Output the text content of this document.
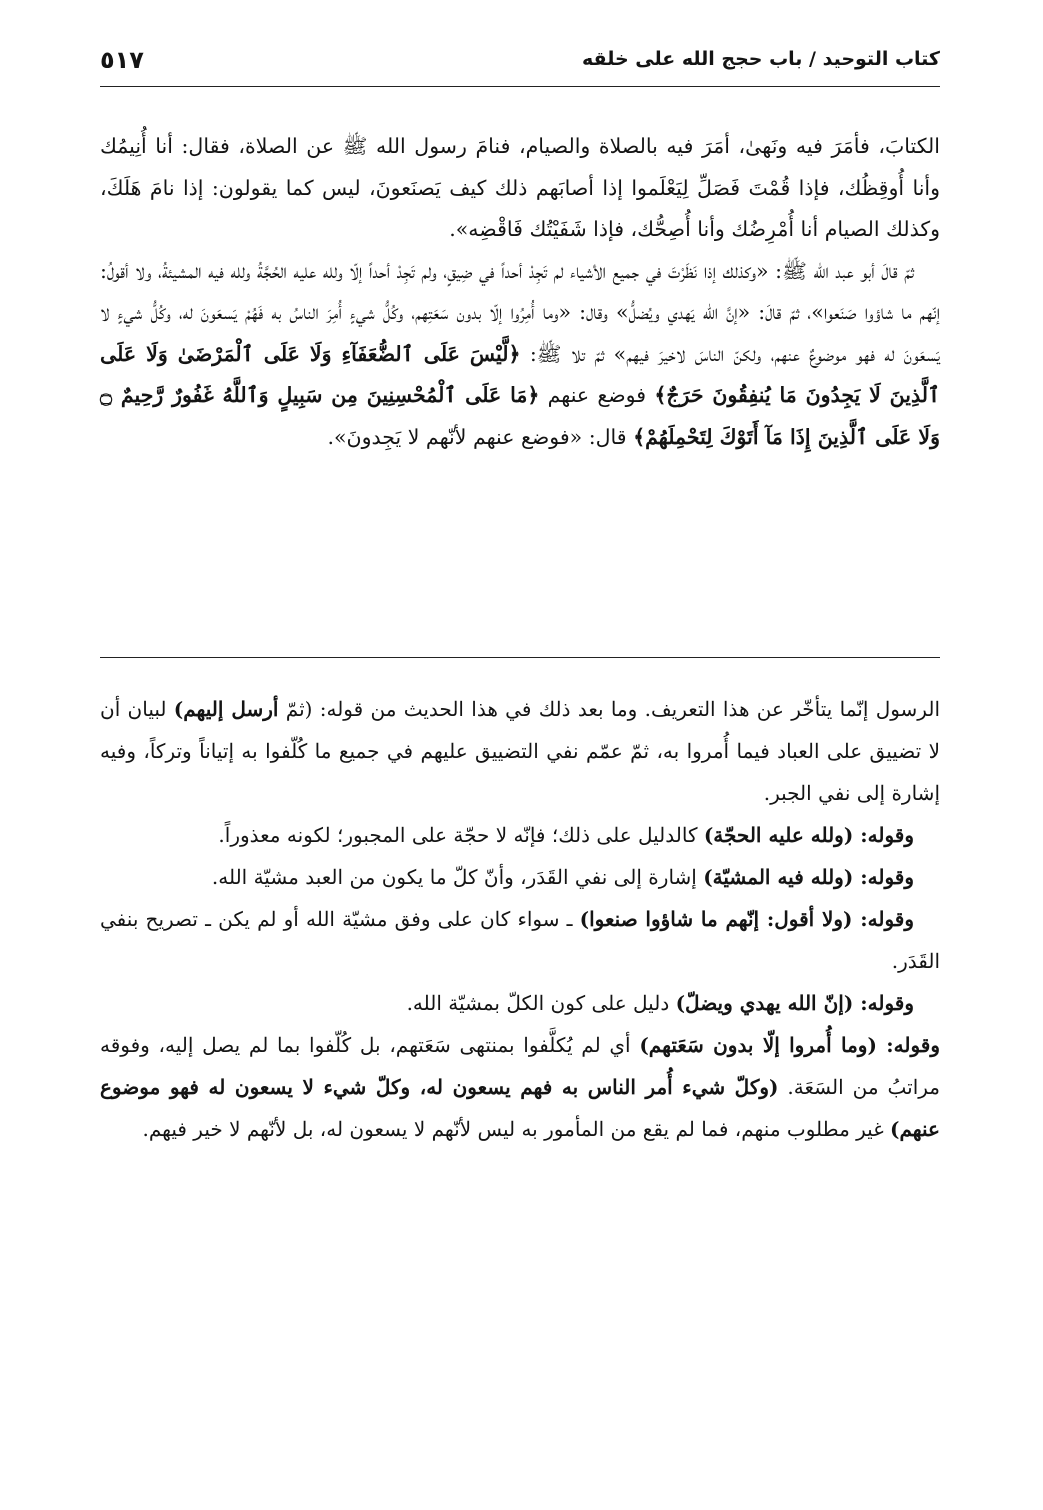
كتاب التوحيد / باب حجج الله على خلقه
٥١٧

الكتابَ، فأمَرَ فيه ونَهىٰ، أمَرَ فيه بالصلاة والصيام، فنامَ رسول الله ﷺ عن الصلاة، فقال: أنا أُنِيمُك وأنا أُوقِظُك، فإذا قُمْتَ فَصَلِّ لِيَعْلَموا إذا أصابَهم ذلك كيف يَصنَعونَ، ليس كما يقولون: إذا نامَ هَلَكَ، وكذلك الصيام أنا أُمْرِضُك وأنا أُصِحُّك، فإذا شَفَيْتُك فَاقْضِه».

ثمّ قالَ أبو عبد الله ﷺ: «وكذلك إذا نَظَرْتَ في جميع الأشياء لم تَجِدْ أحداً في ضِيقٍ، ولم تَجِدْ أحداً إلّا ولله عليه الحُجَّةُ ولله فيه المشيئةُ، ولا أقولُ: إنّهم ما شاؤوا صَنَعوا»، ثمّ قالَ: «إنَّ الله يَهدي ويُضلُّ» وقال: «وما أُمِرُوا إلّا بدون سَعَتِهم، وكُلُّ شيءٍ أُمِرَ الناسُ به فَهُمْ يَسعَونَ له، وكُلُّ شيءٍ لا يَسعَونَ له فهو موضوعٌ عنهم، ولكنّ الناسَ لاخيرَ فيهم» ثمّ تلا ﷺ: ﴿لَّيْسَ عَلَى ٱلضُّعَفَآءِ وَلَا عَلَى ٱلْمَرْضَىٰ وَلَا عَلَى ٱلَّذِينَ لَا يَجِدُونَ مَا يُنفِقُونَ حَرَجٌ﴾ فوضع عنهم ﴿مَا عَلَى ٱلْمُحْسِنِينَ مِن سَبِيلٍ وَٱللَّهُ غَفُورٌ رَّحِيمٌ ۝ وَلَا عَلَى ٱلَّذِينَ إِذَا مَآ أَتَوْكَ لِتَحْمِلَهُمْ﴾ قال: «فوضع عنهم لأنّهم لا يَجِدونَ».

الرسول إنّما يتأخّر عن هذا التعريف. وما بعد ذلك في هذا الحديث من قوله: (ثمّ أرسل إليهم) لبيان أن لا تضييق على العباد فيما أُمروا به، ثمّ عمّم نفي التضييق عليهم في جميع ما كُلّفوا به إتياناً وتركاً، وفيه إشارة إلى نفي الجبر.

وقوله: (ولله عليه الحجّة) كالدليل على ذلك؛ فإنّه لا حجّة على المجبور؛ لكونه معذوراً.

وقوله: (ولله فيه المشيّة) إشارة إلى نفي القَدَر، وأنّ كلّ ما يكون من العبد مشيّة الله.

وقوله: (ولا أقول: إنّهم ما شاؤوا صنعوا) ـ سواء كان على وفق مشيّة الله أو لم يكن ـ تصريح بنفي القَدَر.

وقوله: (إنّ الله يهدي ويضلّ) دليل على كون الكلّ بمشيّة الله.

وقوله: (وما أُمروا إلّا بدون سَعَتهم) أي لم يُكلَّفوا بمنتهى سَعَتهم، بل كُلّفوا بما لم يصل إليه، وفوقه مراتبُ من السَعَة. (وكلّ شيء أُمر الناس به فهم يسعون له، وكلّ شيء لا يسعون له فهو موضوع عنهم) غير مطلوب منهم، فما لم يقع من المأمور به ليس لأنّهم لا يسعون له، بل لأنّهم لا خير فيهم.
